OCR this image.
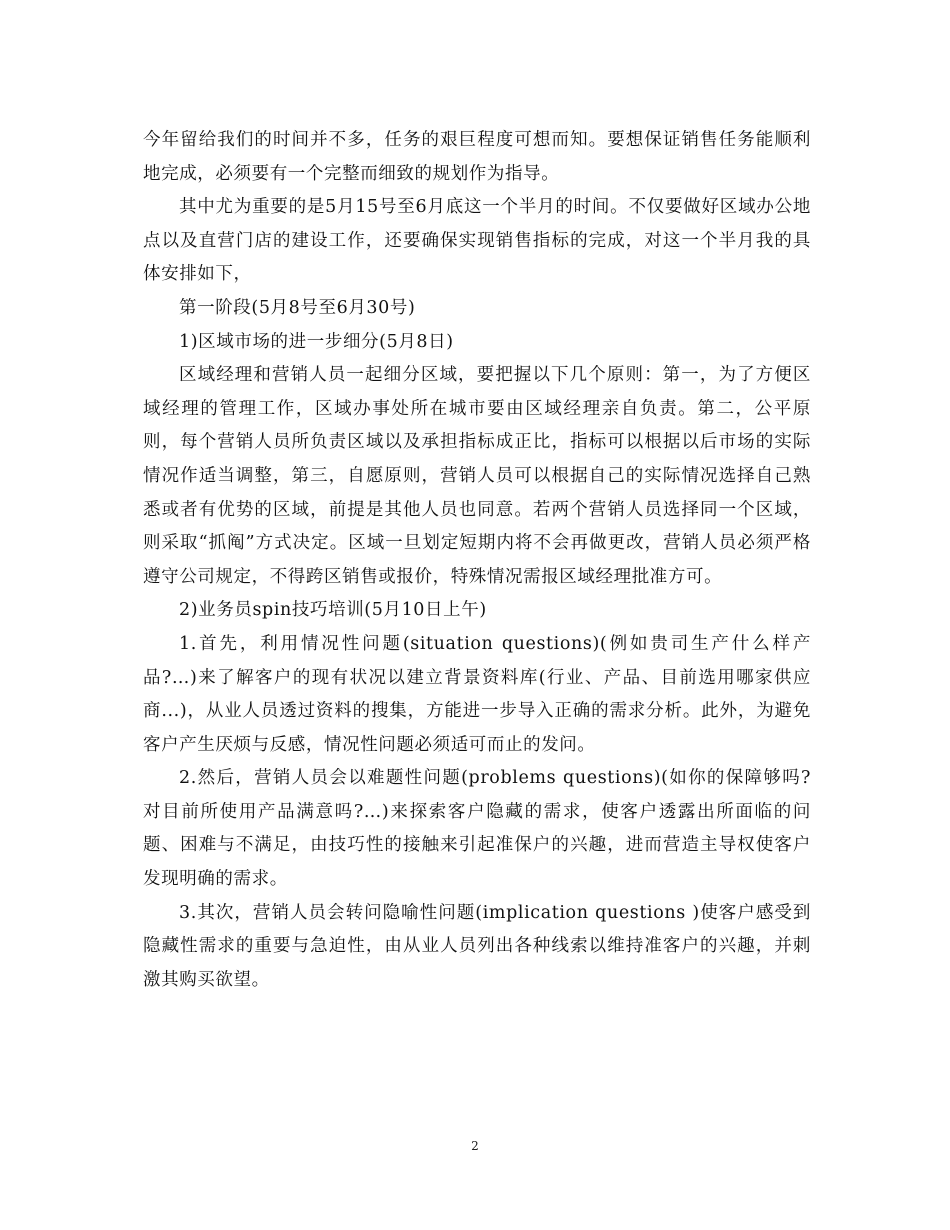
今年留给我们的时间并不多，任务的艰巨程度可想而知。要想保证销售任务能顺利地完成，必须要有一个完整而细致的规划作为指导。

其中尤为重要的是5月15号至6月底这一个半月的时间。不仅要做好区域办公地点以及直营门店的建设工作，还要确保实现销售指标的完成，对这一个半月我的具体安排如下，

第一阶段(5月8号至6月30号)

1)区域市场的进一步细分(5月8日)

区域经理和营销人员一起细分区域，要把握以下几个原则：第一，为了方便区域经理的管理工作，区域办事处所在城市要由区域经理亲自负责。第二，公平原则，每个营销人员所负责区域以及承担指标成正比，指标可以根据以后市场的实际情况作适当调整，第三，自愿原则，营销人员可以根据自己的实际情况选择自己熟悉或者有优势的区域，前提是其他人员也同意。若两个营销人员选择同一个区域，则采取“抓阄”方式决定。区域一旦划定短期内将不会再做更改，营销人员必须严格遵守公司规定，不得跨区销售或报价，特殊情况需报区域经理批准方可。

2)业务员spin技巧培训(5月10日上午)

1.首先，利用情况性问题(situation questions)(例如贵司生产什么样产品?…)来了解客户的现有状况以建立背景资料库(行业、产品、目前选用哪家供应商...)，从业人员透过资料的搜集，方能进一步导入正确的需求分析。此外，为避免客户产生厌烦与反感，情况性问题必须适可而止的发问。

2.然后，营销人员会以难题性问题(problems questions)(如你的保障够吗?对目前所使用产品满意吗?…)来探索客户隐藏的需求，使客户透露出所面临的问题、困难与不满足，由技巧性的接触来引起准保户的兴趣，进而营造主导权使客户发现明确的需求。

3.其次，营销人员会转问隐喻性问题(implication questions )使客户感受到隐藏性需求的重要与急迫性，由从业人员列出各种线索以维持准客户的兴趣，并刺激其购买欲望。

2
